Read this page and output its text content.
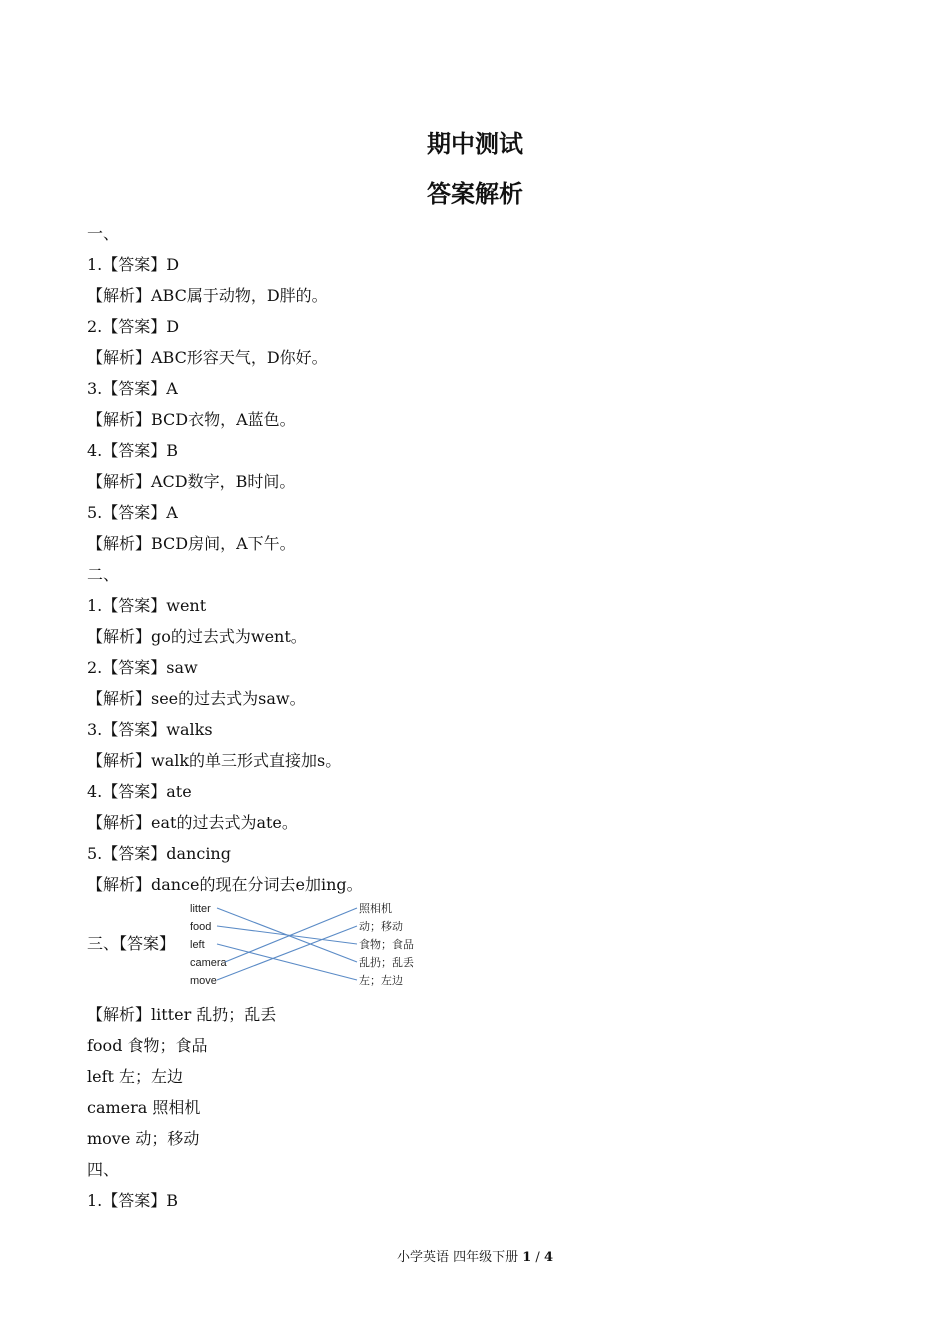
期中测试
答案解析
一、
1.【答案】D
【解析】ABC属于动物，D胖的。
2.【答案】D
【解析】ABC形容天气，D你好。
3.【答案】A
【解析】BCD衣物，A蓝色。
4.【答案】B
【解析】ACD数字，B时间。
5.【答案】A
【解析】BCD房间，A下午。
二、
1.【答案】went
【解析】go的过去式为went。
2.【答案】saw
【解析】see的过去式为saw。
3.【答案】walks
【解析】walk的单三形式直接加s。
4.【答案】ate
【解析】eat的过去式为ate。
5.【答案】dancing
【解析】dance的现在分词去e加ing。
三、【答案】
litter
food
left
camera
move
照相机
动；移动
食物；食品
乱扔；乱丢
左；左边
【解析】litter 乱扔；乱丢
food 食物；食品
left 左；左边
camera 照相机
move 动；移动
四、
1.【答案】B
小学英语 四年级下册 1 / 4
